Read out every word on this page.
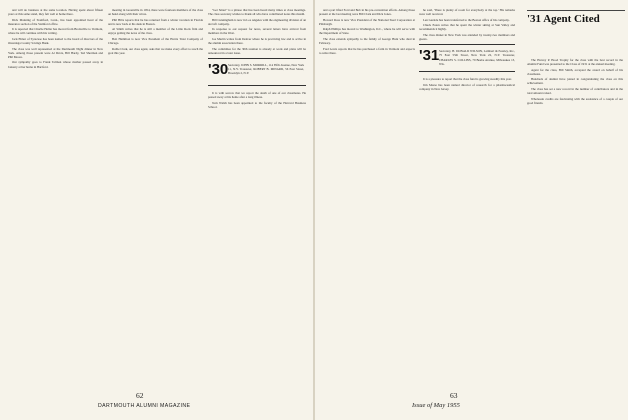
and will do business at the same location. Having spent about fifteen years at this same stand, they felt well at home there.

Dick Manning of Stamford, Conn., has been appointed head of the insurance section of the Stamford office.

It is reported that Charlie Heller has moved from Bronxville to Vermont, where he will continue with his writing.

Jack Elmer of Syracuse has been named to the board of directors of the Onondaga County Savings Bank.

The class was well represented at the Dartmouth Night dinner in New York. Among those present were Al Davis, Bill Hardy, Ted Sherman and Phil Moore.

Our sympathy goes to Frank Tolman whose mother passed away in January at her home in Hartford.

meeting in Greenville in 1954, there were fourteen members of the class on hand along with their wives.

Phil Hilts reports that he has returned from a winter vacation in Florida and is now back at his desk in Boston.

Al Smith writes that he is still a member of the Little Rock firm and enjoys getting the news of the class.

Bob Hamilton is now Vice President of the Harris Trust Company of Chicago.

Rollie Clark, our class agent, asks that we make every effort to reach the goal this year.

"Get Smart" is a phrase that has been heard many times at class meetings. The class secretary wishes to thank all who have contributed notes this month.

Bill Cunningham is now in Los Angeles with the engineering division of an aircraft company.

In response to our request for news, several letters have arrived from members in the West.

Joe Martin writes from Denver where he is practicing law and is active in the alumni association there.

The committee for the 30th reunion is already at work and plans will be announced in a later issue.

'30 Secretary, JOHN S. MORRILL, 114 Fifth Avenue, New York 11, N.Y. Treasurer, ROBERT B. MINARD, 56 East Street, Brooklyn 2, N.Y.

It is with sorrow that we report the death of one of our classmates. He passed away at his home after a long illness.

Tom Walsh has been appointed to the faculty of the Harvard Business School.

62
DARTMOUTH ALUMNI MAGAZINE

and a part lifted Ford and Bob in his pre-convention efforts. Among those present at the last meeting were Bill Clark and Dick Jones.

Howard Ross is now Vice President of the National Steel Corporation at Pittsburgh.

Ralph Phillips has moved to Washington, D.C., where he will serve with the Department of State.

The class extends sympathy to the family of George Hunt who died in February.

Fred Lewis reports that he has purchased a farm in Vermont and expects to retire there.

he said, 'There is plenty of room for everybody at the top.' His remarks were well received.

Len Garside has been transferred to the Boston office of his company.

Chuck Eaton writes that he spent the winter skiing at Sun Valley and recommends it highly.

The class dinner in New York was attended by twenty-two members and guests.

'31 Secretary, H. DONALD WILSON, Lambert & Feasley, Inc., 75 East 55th Street, New York 22, N.Y. Treasurer, CHARLES S. COLLINS, 79 Beebe Avenue, Milwaukee 13, Wis.

It is a pleasure to report that the class fund is growing steadily this year.

Jim Morse has been named director of research for a pharmaceutical company in New Jersey.

'31 Agent Cited

The Harvey P. Hood Trophy for the class with the best record in the Alumni Fund was presented to the Class of 1931 at the annual meeting.

Agent for the class, Bill Smith, accepted the award on behalf of his classmates.

Hundreds of alumni have joined in congratulating the class on this achievement.

The class has set a new record in the number of contributors and in the total amount raised.

Wholesale credits are fascinating with the assistance of a couple of our good friends.

63
Issue of May 1955
